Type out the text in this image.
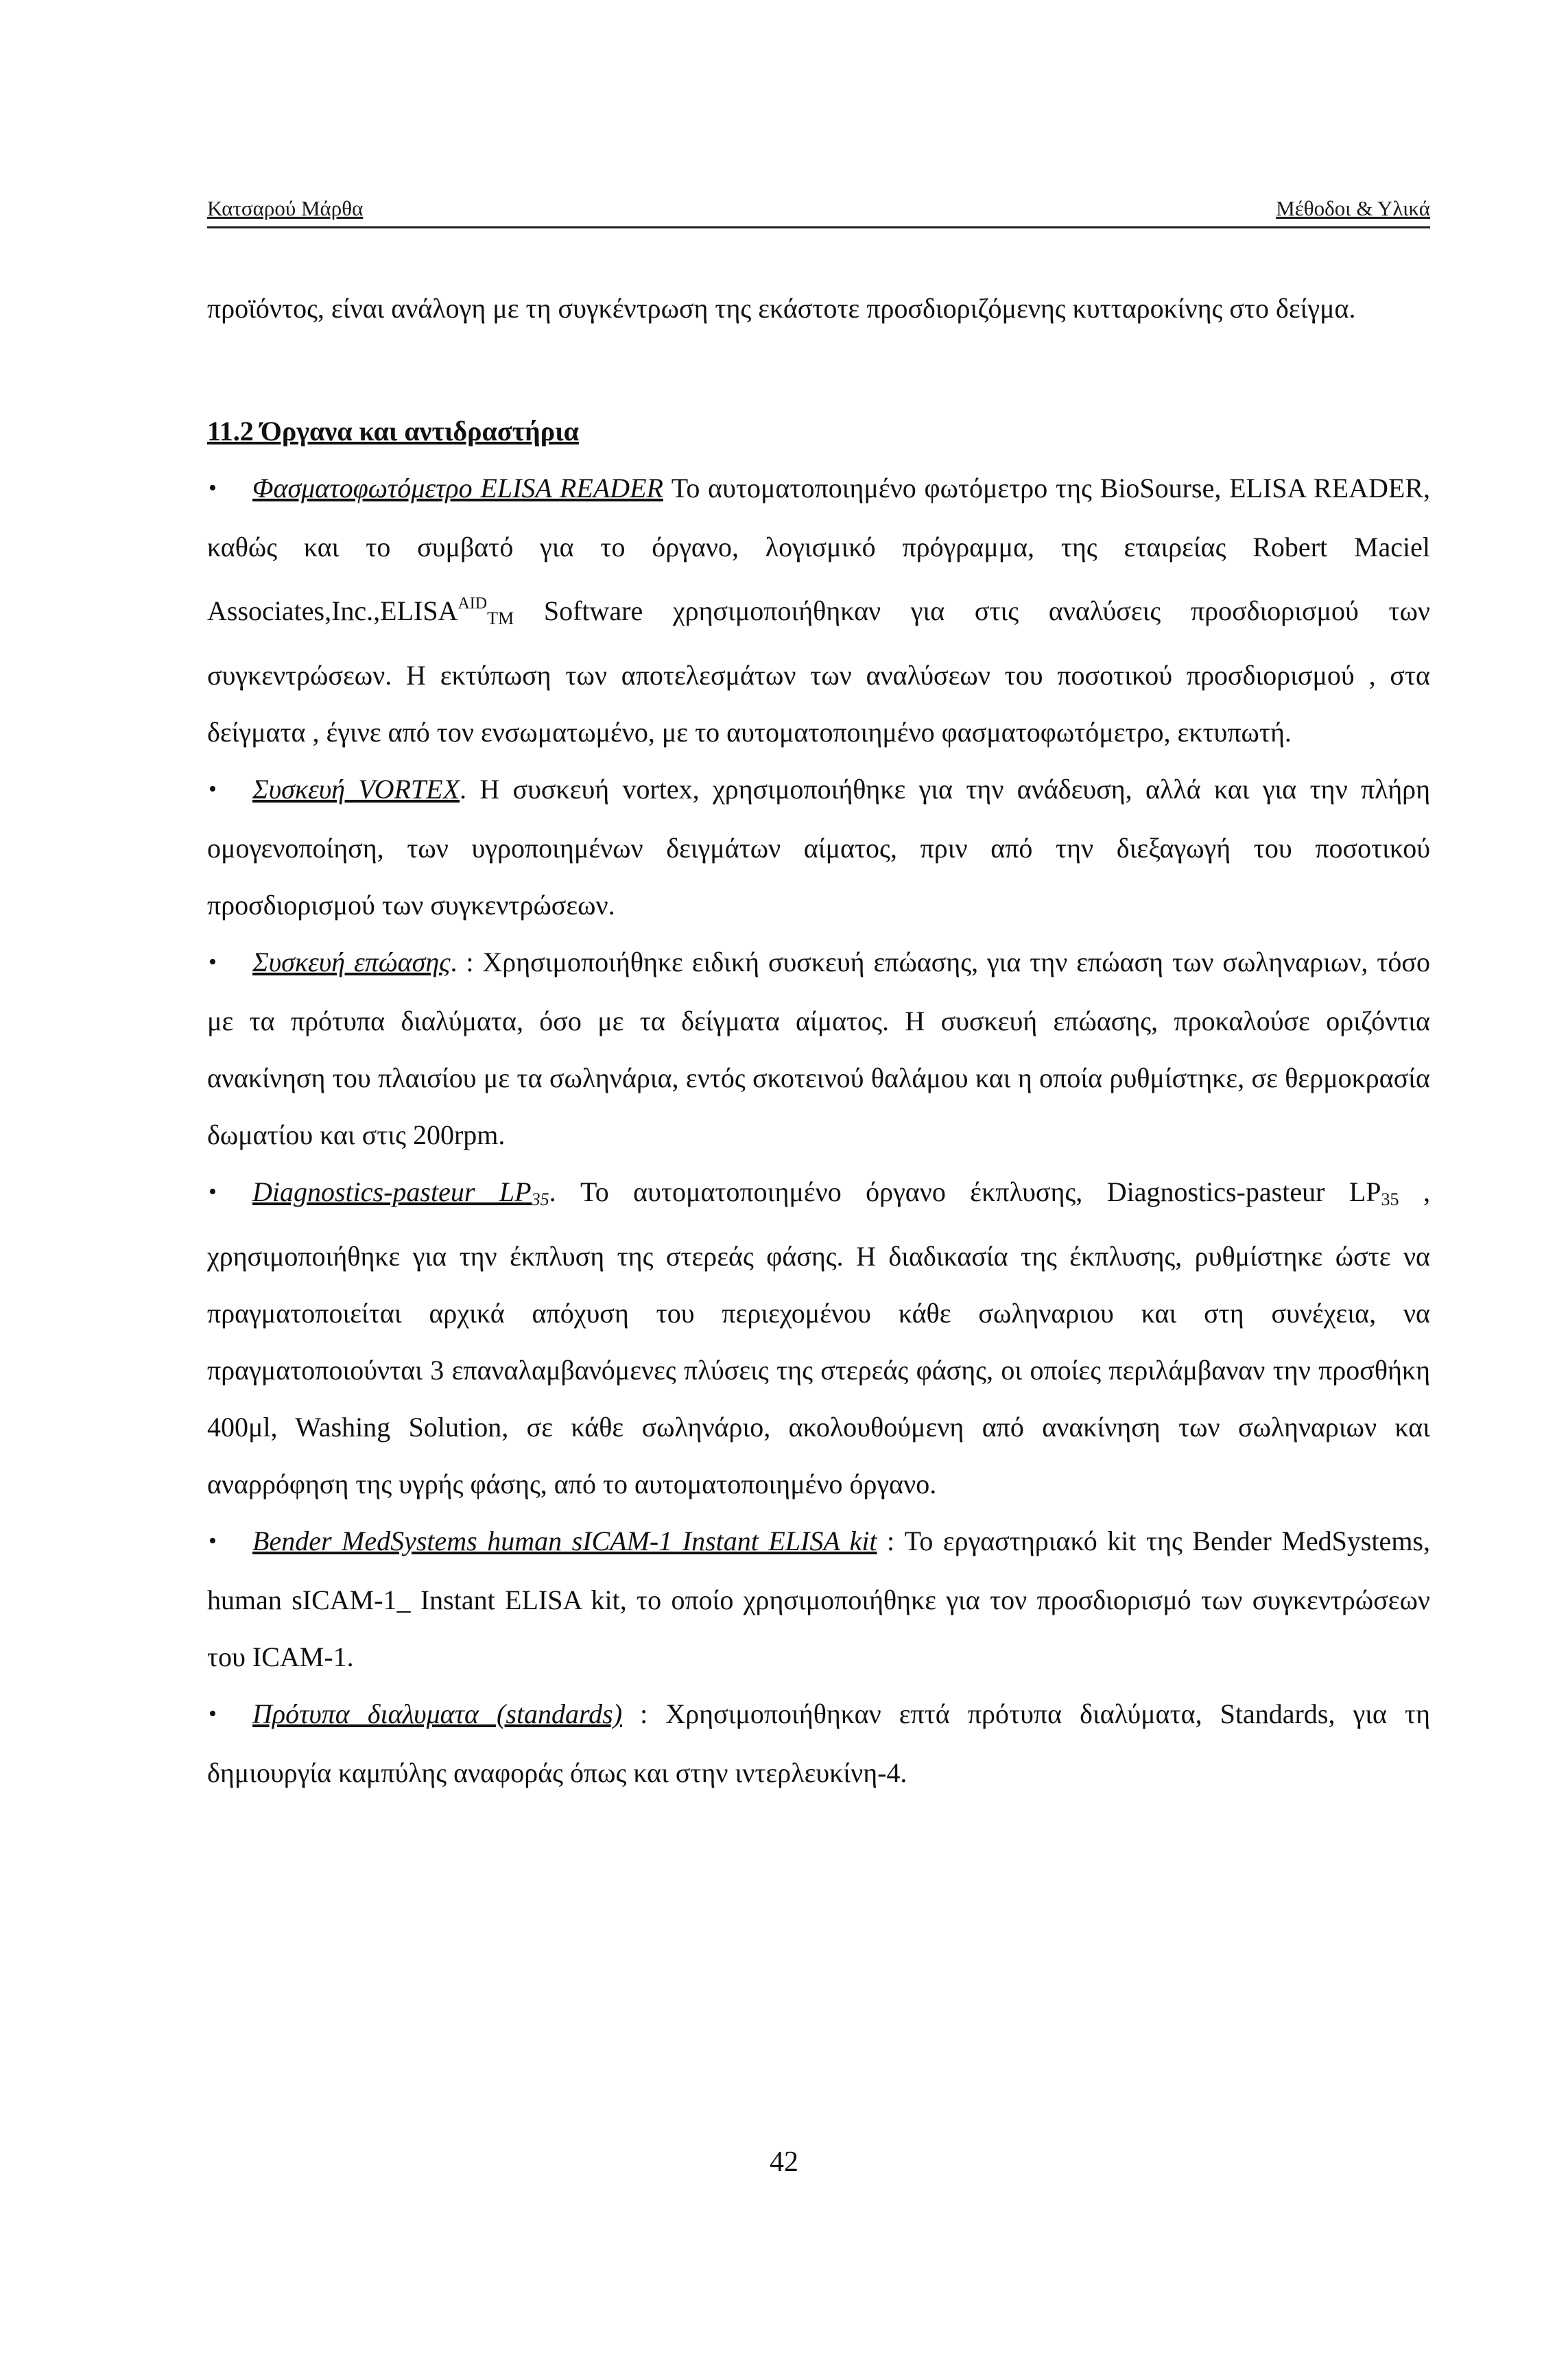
Κατσαρού Μάρθα	Μέθοδοι & Υλικά

προϊόντος, είναι ανάλογη με τη συγκέντρωση της εκάστοτε προσδιοριζόμενης κυτταροκίνης στο δείγμα.

11.2 Όργανα και αντιδραστήρια

•Φασματοφωτόμετρο ELISA READER Το αυτοματοποιημένο φωτόμετρο της BioSourse, ELISA READER, καθώς και το συμβατό για το όργανο, λογισμικό πρόγραμμα, της εταιρείας Robert Maciel $Associates,Inc.,ELISA^{AID}_{TM}$ Software χρησιμοποιήθηκαν για στις αναλύσεις προσδιορισμού των συγκεντρώσεων. Η εκτύπωση των αποτελεσμάτων των αναλύσεων του ποσοτικού προσδιορισμού , στα δείγματα , έγινε από τον ενσωματωμένο, με το αυτοματοποιημένο φασματοφωτόμετρο, εκτυπωτή.

•Συσκευή VORTEX. Η συσκευή vortex, χρησιμοποιήθηκε για την ανάδευση, αλλά και για την πλήρη ομογενοποίηση, των υγροποιημένων δειγμάτων αίματος, πριν από την διεξαγωγή του ποσοτικού προσδιορισμού των συγκεντρώσεων.

•Συσκευή επώασης. : Χρησιμοποιήθηκε ειδική συσκευή επώασης, για την επώαση των σωληναριων, τόσο με τα πρότυπα διαλύματα, όσο με τα δείγματα αίματος. Η συσκευή επώασης, προκαλούσε οριζόντια ανακίνηση του πλαισίου με τα σωληνάρια, εντός σκοτεινού θαλάμου και η οποία ρυθμίστηκε, σε θερμοκρασία δωματίου και στις 200rpm.

•Diagnostics-pasteur LP35. Το αυτοματοποιημένο όργανο έκπλυσης, Diagnostics-pasteur $LP_{35}$ , χρησιμοποιήθηκε για την έκπλυση της στερεάς φάσης. Η διαδικασία της έκπλυσης, ρυθμίστηκε ώστε να πραγματοποιείται αρχικά απόχυση του περιεχομένου κάθε σωληναριου και στη συνέχεια, να πραγματοποιούνται 3 επαναλαμβανόμενες πλύσεις της στερεάς φάσης, οι οποίες περιλάμβαναν την προσθήκη 400μl, Washing Solution, σε κάθε σωληνάριο, ακολουθούμενη από ανακίνηση των σωληναριων και αναρρόφηση της υγρής φάσης, από το αυτοματοποιημένο όργανο.

•Bender MedSystems human sICAM-1 Instant ELISA kit : Το εργαστηριακό kit της Bender MedSystems, human sICAM-1_ Instant ELISA kit, το οποίο χρησιμοποιήθηκε για τον προσδιορισμό των συγκεντρώσεων του ICAM-1.

•Πρότυπα διαλυματα (standards) : Χρησιμοποιήθηκαν επτά πρότυπα διαλύματα, Standards, για τη δημιουργία καμπύλης αναφοράς όπως και στην ιντερλευκίνη-4.

42
